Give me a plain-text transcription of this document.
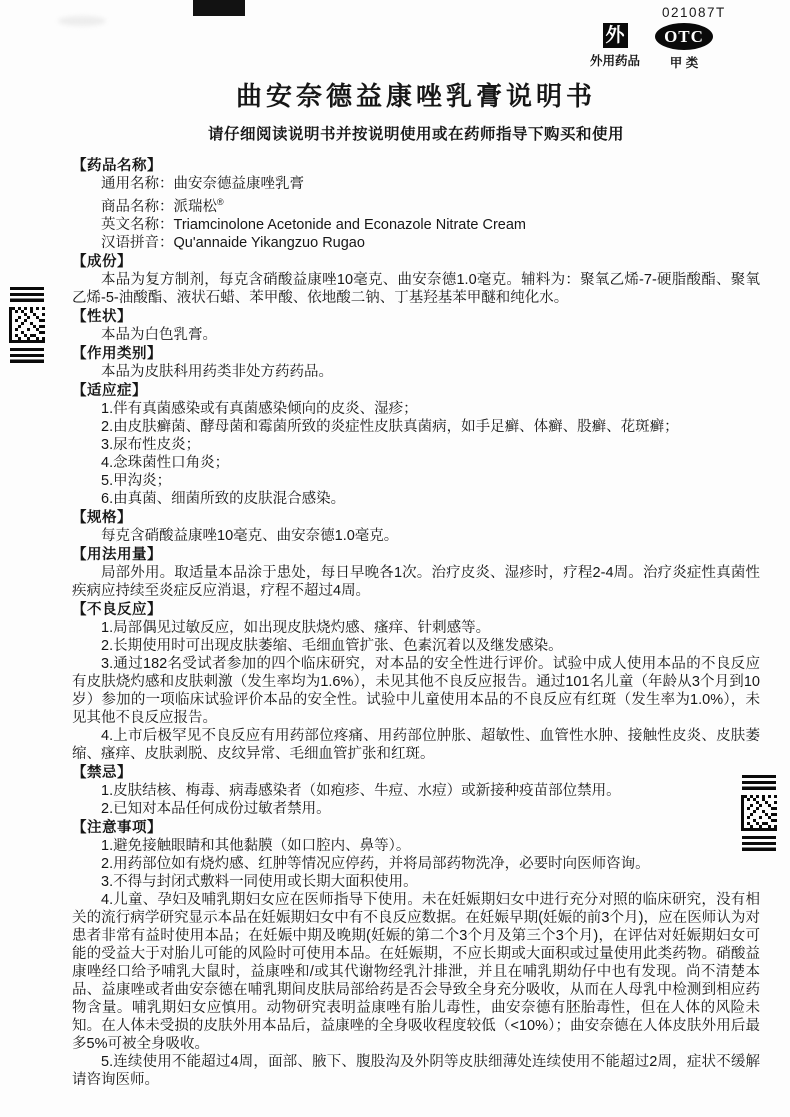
021087T
外
外用药品
OTC
甲 类
曲安奈德益康唑乳膏说明书
请仔细阅读说明书并按说明使用或在药师指导下购买和使用
【药品名称】
通用名称：曲安奈德益康唑乳膏
商品名称：派瑞松®
英文名称：Triamcinolone Acetonide and Econazole Nitrate Cream
汉语拼音：Qu'annaide Yikangzuo Rugao
【成份】

本品为复方制剂，每克含硝酸益康唑10毫克、曲安奈德1.0毫克。辅料为：聚氧乙烯-7-硬脂酸酯、聚氧乙烯-5-油酸酯、液状石蜡、苯甲酸、依地酸二钠、丁基羟基苯甲醚和纯化水。

【性状】

本品为白色乳膏。

【作用类别】

本品为皮肤科用药类非处方药药品。

【适应症】

1.伴有真菌感染或有真菌感染倾向的皮炎、湿疹；

2.由皮肤癣菌、酵母菌和霉菌所致的炎症性皮肤真菌病，如手足癣、体癣、股癣、花斑癣；

3.尿布性皮炎；

4.念珠菌性口角炎；

5.甲沟炎；

6.由真菌、细菌所致的皮肤混合感染。

【规格】

每克含硝酸益康唑10毫克、曲安奈德1.0毫克。

【用法用量】

局部外用。取适量本品涂于患处，每日早晚各1次。治疗皮炎、湿疹时，疗程2-4周。治疗炎症性真菌性疾病应持续至炎症反应消退，疗程不超过4周。

【不良反应】

1.局部偶见过敏反应，如出现皮肤烧灼感、瘙痒、针刺感等。

2.长期使用时可出现皮肤萎缩、毛细血管扩张、色素沉着以及继发感染。

3.通过182名受试者参加的四个临床研究，对本品的安全性进行评价。试验中成人使用本品的不良反应有皮肤烧灼感和皮肤刺激（发生率均为1.6%），未见其他不良反应报告。通过101名儿童（年龄从3个月到10岁）参加的一项临床试验评价本品的安全性。试验中儿童使用本品的不良反应有红斑（发生率为1.0%），未见其他不良反应报告。

4.上市后极罕见不良反应有用药部位疼痛、用药部位肿胀、超敏性、血管性水肿、接触性皮炎、皮肤萎缩、瘙痒、皮肤剥脱、皮纹异常、毛细血管扩张和红斑。

【禁忌】

1.皮肤结核、梅毒、病毒感染者（如疱疹、牛痘、水痘）或新接种疫苗部位禁用。

2.已知对本品任何成份过敏者禁用。

【注意事项】

1.避免接触眼睛和其他黏膜（如口腔内、鼻等）。

2.用药部位如有烧灼感、红肿等情况应停药，并将局部药物洗净，必要时向医师咨询。

3.不得与封闭式敷料一同使用或长期大面积使用。

4.儿童、孕妇及哺乳期妇女应在医师指导下使用。未在妊娠期妇女中进行充分对照的临床研究，没有相关的流行病学研究显示本品在妊娠期妇女中有不良反应数据。在妊娠早期(妊娠的前3个月)，应在医师认为对患者非常有益时使用本品；在妊娠中期及晚期(妊娠的第二个3个月及第三个3个月)，在评估对妊娠期妇女可能的受益大于对胎儿可能的风险时可使用本品。在妊娠期，不应长期或大面积或过量使用此类药物。硝酸益康唑经口给予哺乳大鼠时，益康唑和/或其代谢物经乳汁排泄，并且在哺乳期幼仔中也有发现。尚不清楚本品、益康唑或者曲安奈德在哺乳期间皮肤局部给药是否会导致全身充分吸收，从而在人母乳中检测到相应药物含量。哺乳期妇女应慎用。动物研究表明益康唑有胎儿毒性，曲安奈德有胚胎毒性，但在人体的风险未知。在人体未受损的皮肤外用本品后，益康唑的全身吸收程度较低（<10%）；曲安奈德在人体皮肤外用后最多5%可被全身吸收。

5.连续使用不能超过4周，面部、腋下、腹股沟及外阴等皮肤细薄处连续使用不能超过2周，症状不缓解请咨询医师。
